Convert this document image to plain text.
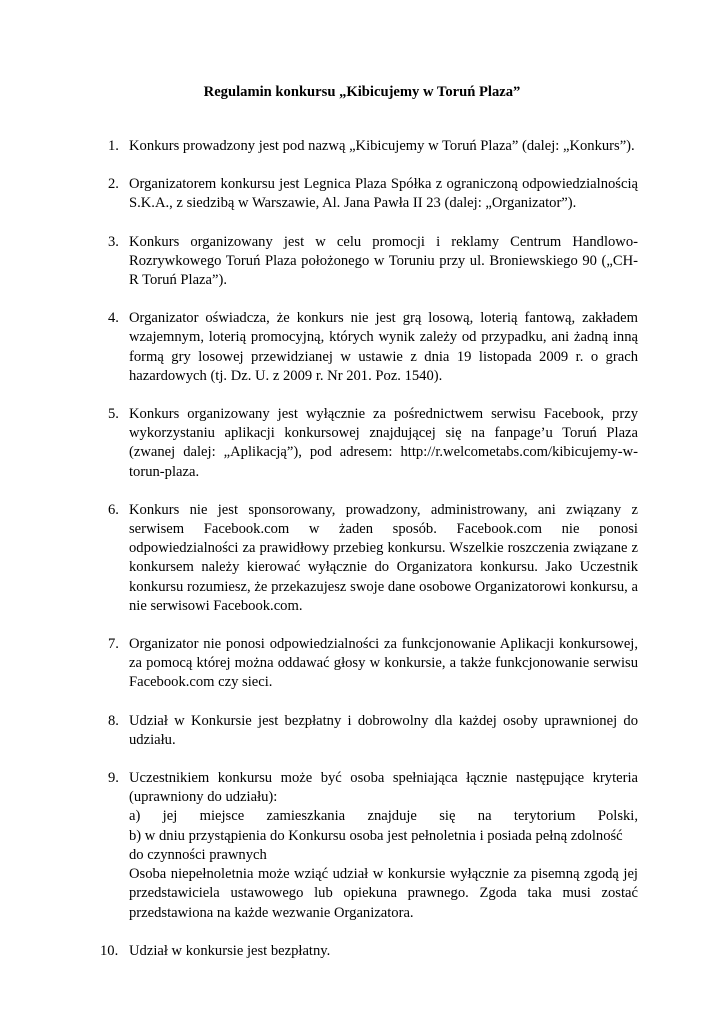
Regulamin konkursu „Kibicujemy w Toruń Plaza”
1. Konkurs prowadzony jest pod nazwą „Kibicujemy w Toruń Plaza” (dalej: „Konkurs”).

2. Organizatorem konkursu jest Legnica Plaza Spółka z ograniczoną odpowiedzialnością S.K.A., z siedzibą w Warszawie, Al. Jana Pawła II 23 (dalej: „Organizator”).

3. Konkurs organizowany jest w celu promocji i reklamy Centrum Handlowo-Rozrywkowego Toruń Plaza położonego w Toruniu przy ul. Broniewskiego 90 („CH-R Toruń Plaza”).

4. Organizator oświadcza, że konkurs nie jest grą losową, loterią fantową, zakładem wzajemnym, loterią promocyjną, których wynik zależy od przypadku, ani żadną inną formą gry losowej przewidzianej w ustawie z dnia 19 listopada 2009 r. o grach hazardowych (tj. Dz. U. z 2009 r. Nr 201. Poz. 1540).

5. Konkurs organizowany jest wyłącznie za pośrednictwem serwisu Facebook, przy wykorzystaniu aplikacji konkursowej znajdującej się na fanpage’u Toruń Plaza (zwanej dalej: „Aplikacją”), pod adresem: http://r.welcometabs.com/kibicujemy-w-torun-plaza.

6. Konkurs nie jest sponsorowany, prowadzony, administrowany, ani związany z serwisem Facebook.com w żaden sposób. Facebook.com nie ponosi odpowiedzialności za prawidłowy przebieg konkursu. Wszelkie roszczenia związane z konkursem należy kierować wyłącznie do Organizatora konkursu. Jako Uczestnik konkursu rozumiesz, że przekazujesz swoje dane osobowe Organizatorowi konkursu, a nie serwisowi Facebook.com.

7. Organizator nie ponosi odpowiedzialności za funkcjonowanie Aplikacji konkursowej, za pomocą której można oddawać głosy w konkursie, a także funkcjonowanie serwisu Facebook.com czy sieci.

8. Udział w Konkursie jest bezpłatny i dobrowolny dla każdej osoby uprawnionej do udziału.

9. Uczestnikiem konkursu może być osoba spełniająca łącznie następujące kryteria (uprawniony do udziału):

a)   jej   miejsce   zamieszkania   znajduje   się   na   terytorium   Polski,

b) w dniu przystąpienia do Konkursu osoba jest pełnoletnia i posiada pełną zdolność do czynności prawnych

Osoba niepełnoletnia może wziąć udział w konkursie wyłącznie za pisemną zgodą jej przedstawiciela ustawowego lub opiekuna prawnego. Zgoda taka musi zostać przedstawiona na każde wezwanie Organizatora.

10. Udział w konkursie jest bezpłatny.
